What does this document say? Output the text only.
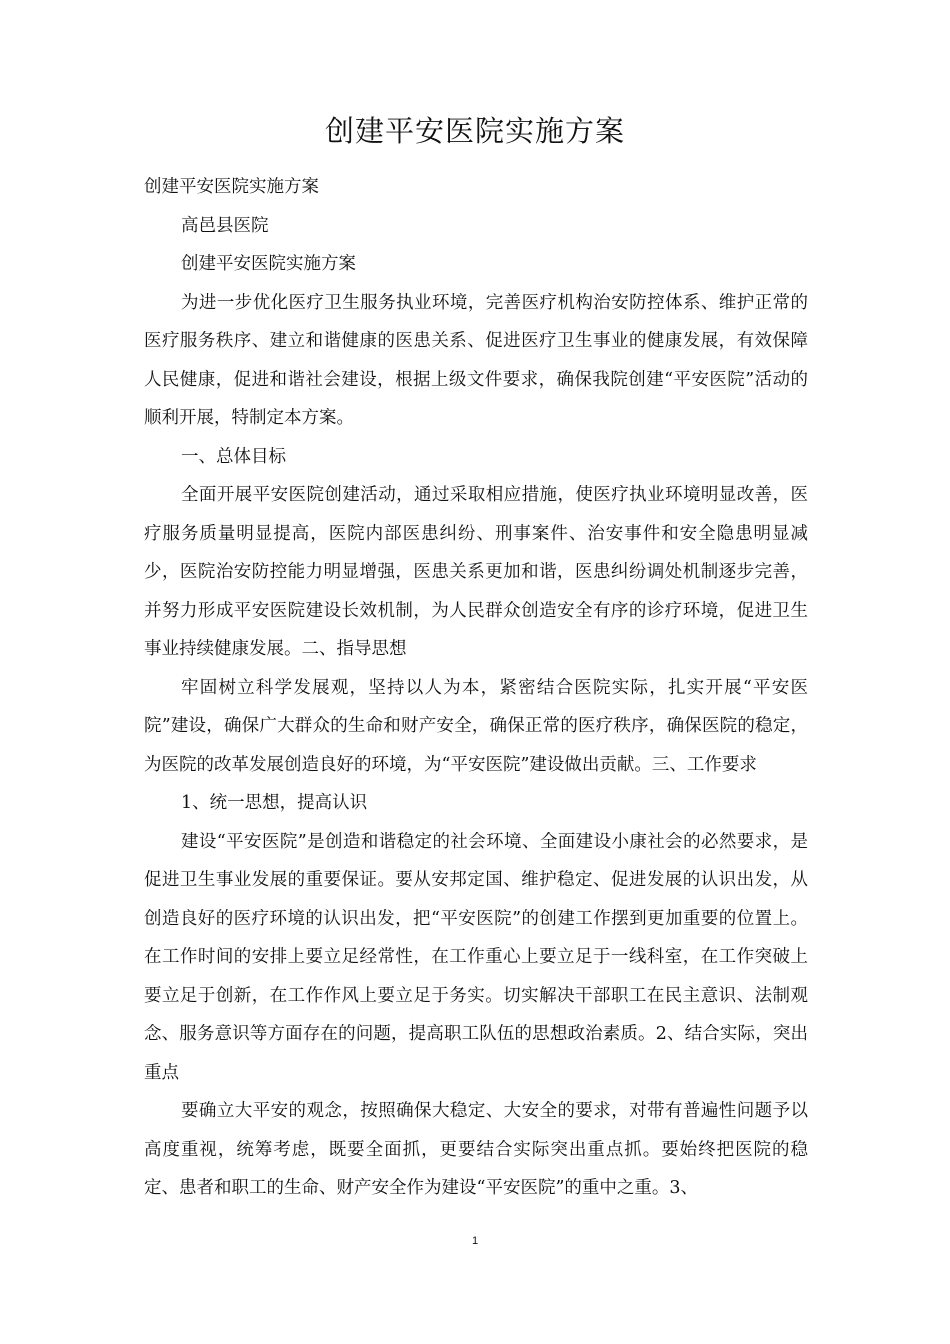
创建平安医院实施方案

创建平安医院实施方案

高邑县医院

创建平安医院实施方案

为进一步优化医疗卫生服务执业环境，完善医疗机构治安防控体系、维护正常的医疗服务秩序、建立和谐健康的医患关系、促进医疗卫生事业的健康发展，有效保障人民健康，促进和谐社会建设，根据上级文件要求，确保我院创建“平安医院”活动的顺利开展，特制定本方案。

一、总体目标

全面开展平安医院创建活动，通过采取相应措施，使医疗执业环境明显改善，医疗服务质量明显提高，医院内部医患纠纷、刑事案件、治安事件和安全隐患明显减少，医院治安防控能力明显增强，医患关系更加和谐，医患纠纷调处机制逐步完善，并努力形成平安医院建设长效机制，为人民群众创造安全有序的诊疗环境，促进卫生事业持续健康发展。二、指导思想

牢固树立科学发展观，坚持以人为本，紧密结合医院实际，扎实开展“平安医院”建设，确保广大群众的生命和财产安全，确保正常的医疗秩序，确保医院的稳定，为医院的改革发展创造良好的环境，为“平安医院”建设做出贡献。三、工作要求

1、统一思想，提高认识

建设“平安医院”是创造和谐稳定的社会环境、全面建设小康社会的必然要求，是促进卫生事业发展的重要保证。要从安邦定国、维护稳定、促进发展的认识出发，从创造良好的医疗环境的认识出发，把“平安医院”的创建工作摆到更加重要的位置上。在工作时间的安排上要立足经常性，在工作重心上要立足于一线科室，在工作突破上要立足于创新，在工作作风上要立足于务实。切实解决干部职工在民主意识、法制观念、服务意识等方面存在的问题，提高职工队伍的思想政治素质。2、结合实际，突出重点

要确立大平安的观念，按照确保大稳定、大安全的要求，对带有普遍性问题予以高度重视，统筹考虑，既要全面抓，更要结合实际突出重点抓。要始终把医院的稳定、患者和职工的生命、财产安全作为建设“平安医院”的重中之重。3、

1
